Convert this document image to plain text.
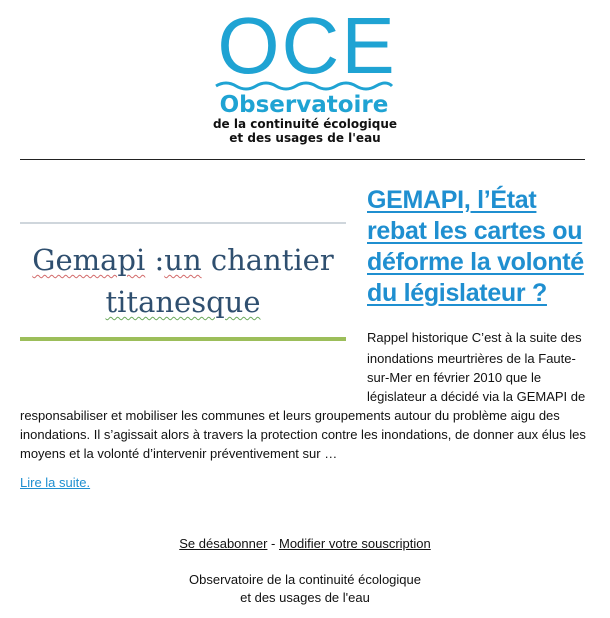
OCE
Observatoire
de la continuité écologique
et des usages de l'eau
Gemapi :un chantier
titanesque
GEMAPI, l’État rebat les cartes ou déforme la volonté du législateur ?
Rappel historique C’est à la suite des
inondations meurtrières de la Faute-
sur-Mer en février 2010 que le
législateur a décidé via la GEMAPI de
responsabiliser et mobiliser les communes et leurs groupements autour du problème aigu des
inondations. Il s’agissait alors à travers la protection contre les inondations, de donner aux élus les
moyens et la volonté d’intervenir préventivement sur …
Lire la suite.
Se désabonner - Modifier votre souscription
Observatoire de la continuité écologique
et des usages de l'eau
